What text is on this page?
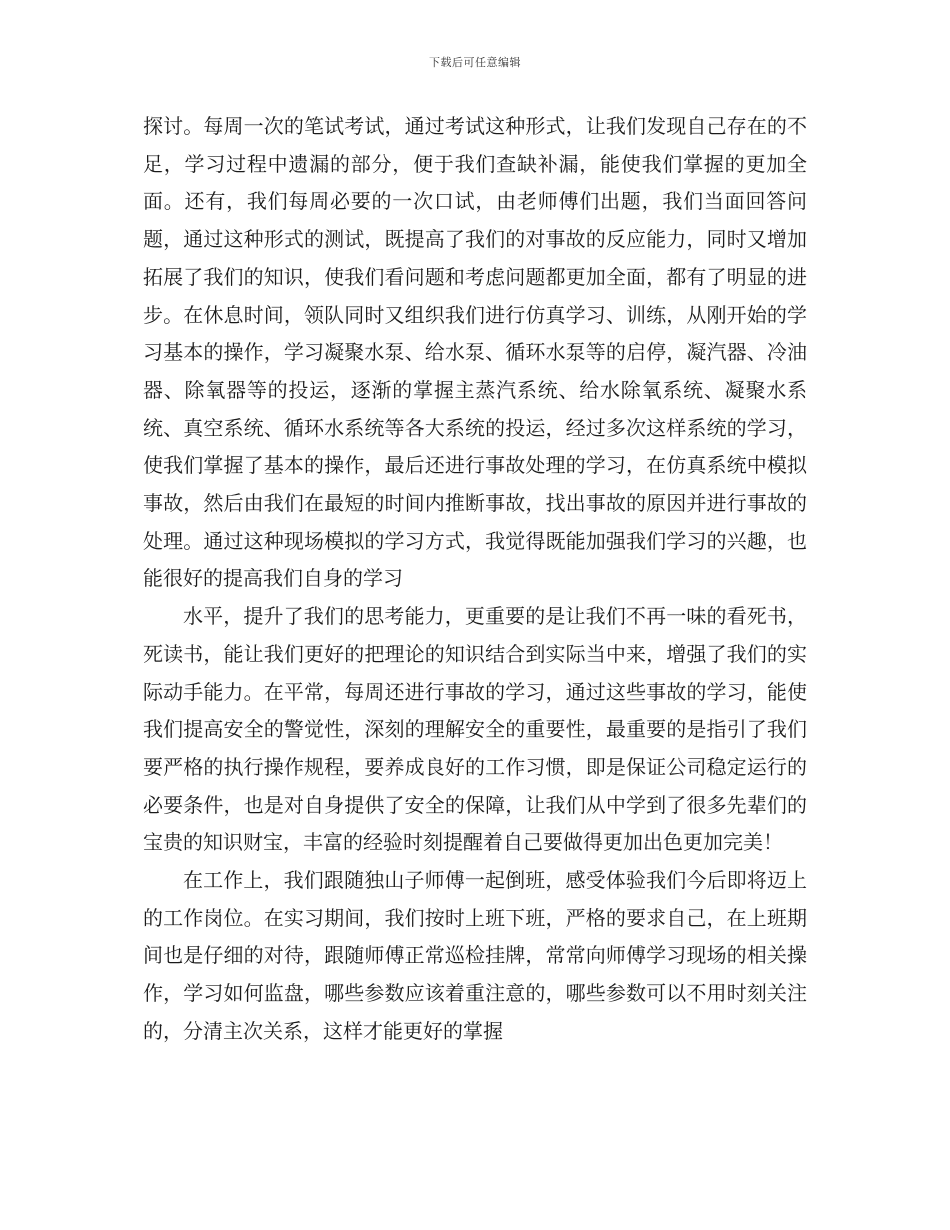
下载后可任意编辑

探讨。每周一次的笔试考试，通过考试这种形式，让我们发现自己存在的不足，学习过程中遗漏的部分，便于我们查缺补漏，能使我们掌握的更加全面。还有，我们每周必要的一次口试，由老师傅们出题，我们当面回答问题，通过这种形式的测试，既提高了我们的对事故的反应能力，同时又增加拓展了我们的知识，使我们看问题和考虑问题都更加全面，都有了明显的进步。在休息时间，领队同时又组织我们进行仿真学习、训练，从刚开始的学习基本的操作，学习凝聚水泵、给水泵、循环水泵等的启停，凝汽器、冷油器、除氧器等的投运，逐渐的掌握主蒸汽系统、给水除氧系统、凝聚水系统、真空系统、循环水系统等各大系统的投运，经过多次这样系统的学习，使我们掌握了基本的操作，最后还进行事故处理的学习，在仿真系统中模拟事故，然后由我们在最短的时间内推断事故，找出事故的原因并进行事故的处理。通过这种现场模拟的学习方式，我觉得既能加强我们学习的兴趣，也能很好的提高我们自身的学习

水平，提升了我们的思考能力，更重要的是让我们不再一味的看死书，死读书，能让我们更好的把理论的知识结合到实际当中来，增强了我们的实际动手能力。在平常，每周还进行事故的学习，通过这些事故的学习，能使我们提高安全的警觉性，深刻的理解安全的重要性，最重要的是指引了我们要严格的执行操作规程，要养成良好的工作习惯，即是保证公司稳定运行的必要条件，也是对自身提供了安全的保障，让我们从中学到了很多先辈们的宝贵的知识财宝，丰富的经验时刻提醒着自己要做得更加出色更加完美！

在工作上，我们跟随独山子师傅一起倒班，感受体验我们今后即将迈上的工作岗位。在实习期间，我们按时上班下班，严格的要求自己，在上班期间也是仔细的对待，跟随师傅正常巡检挂牌，常常向师傅学习现场的相关操作，学习如何监盘，哪些参数应该着重注意的，哪些参数可以不用时刻关注的，分清主次关系，这样才能更好的掌握
